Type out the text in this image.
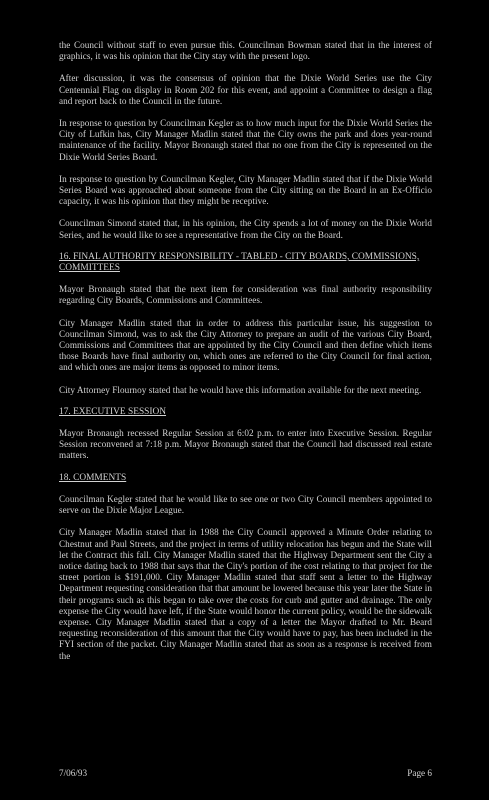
the Council without staff to even pursue this. Councilman Bowman stated that in the interest of graphics, it was his opinion that the City stay with the present logo.

After discussion, it was the consensus of opinion that the Dixie World Series use the City Centennial Flag on display in Room 202 for this event, and appoint a Committee to design a flag and report back to the Council in the future.

In response to question by Councilman Kegler as to how much input for the Dixie World Series the City of Lufkin has, City Manager Madlin stated that the City owns the park and does year-round maintenance of the facility. Mayor Bronaugh stated that no one from the City is represented on the Dixie World Series Board.

In response to question by Councilman Kegler, City Manager Madlin stated that if the Dixie World Series Board was approached about someone from the City sitting on the Board in an Ex-Officio capacity, it was his opinion that they might be receptive.

Councilman Simond stated that, in his opinion, the City spends a lot of money on the Dixie World Series, and he would like to see a representative from the City on the Board.

16. FINAL AUTHORITY RESPONSIBILITY - TABLED - CITY BOARDS, COMMISSIONS, COMMITTEES

Mayor Bronaugh stated that the next item for consideration was final authority responsibility regarding City Boards, Commissions and Committees.

City Manager Madlin stated that in order to address this particular issue, his suggestion to Councilman Simond, was to ask the City Attorney to prepare an audit of the various City Board, Commissions and Committees that are appointed by the City Council and then define which items those Boards have final authority on, which ones are referred to the City Council for final action, and which ones are major items as opposed to minor items.

City Attorney Flournoy stated that he would have this information available for the next meeting.

17. EXECUTIVE SESSION

Mayor Bronaugh recessed Regular Session at 6:02 p.m. to enter into Executive Session. Regular Session reconvened at 7:18 p.m. Mayor Bronaugh stated that the Council had discussed real estate matters.

18. COMMENTS

Councilman Kegler stated that he would like to see one or two City Council members appointed to serve on the Dixie Major League.

City Manager Madlin stated that in 1988 the City Council approved a Minute Order relating to Chestnut and Paul Streets, and the project in terms of utility relocation has begun and the State will let the Contract this fall. City Manager Madlin stated that the Highway Department sent the City a notice dating back to 1988 that says that the City's portion of the cost relating to that project for the street portion is $191,000. City Manager Madlin stated that staff sent a letter to the Highway Department requesting consideration that that amount be lowered because this year later the State in their programs such as this began to take over the costs for curb and gutter and drainage. The only expense the City would have left, if the State would honor the current policy, would be the sidewalk expense. City Manager Madlin stated that a copy of a letter the Mayor drafted to Mr. Beard requesting reconsideration of this amount that the City would have to pay, has been included in the FYI section of the packet. City Manager Madlin stated that as soon as a response is received from the

7/06/93	Page 6
